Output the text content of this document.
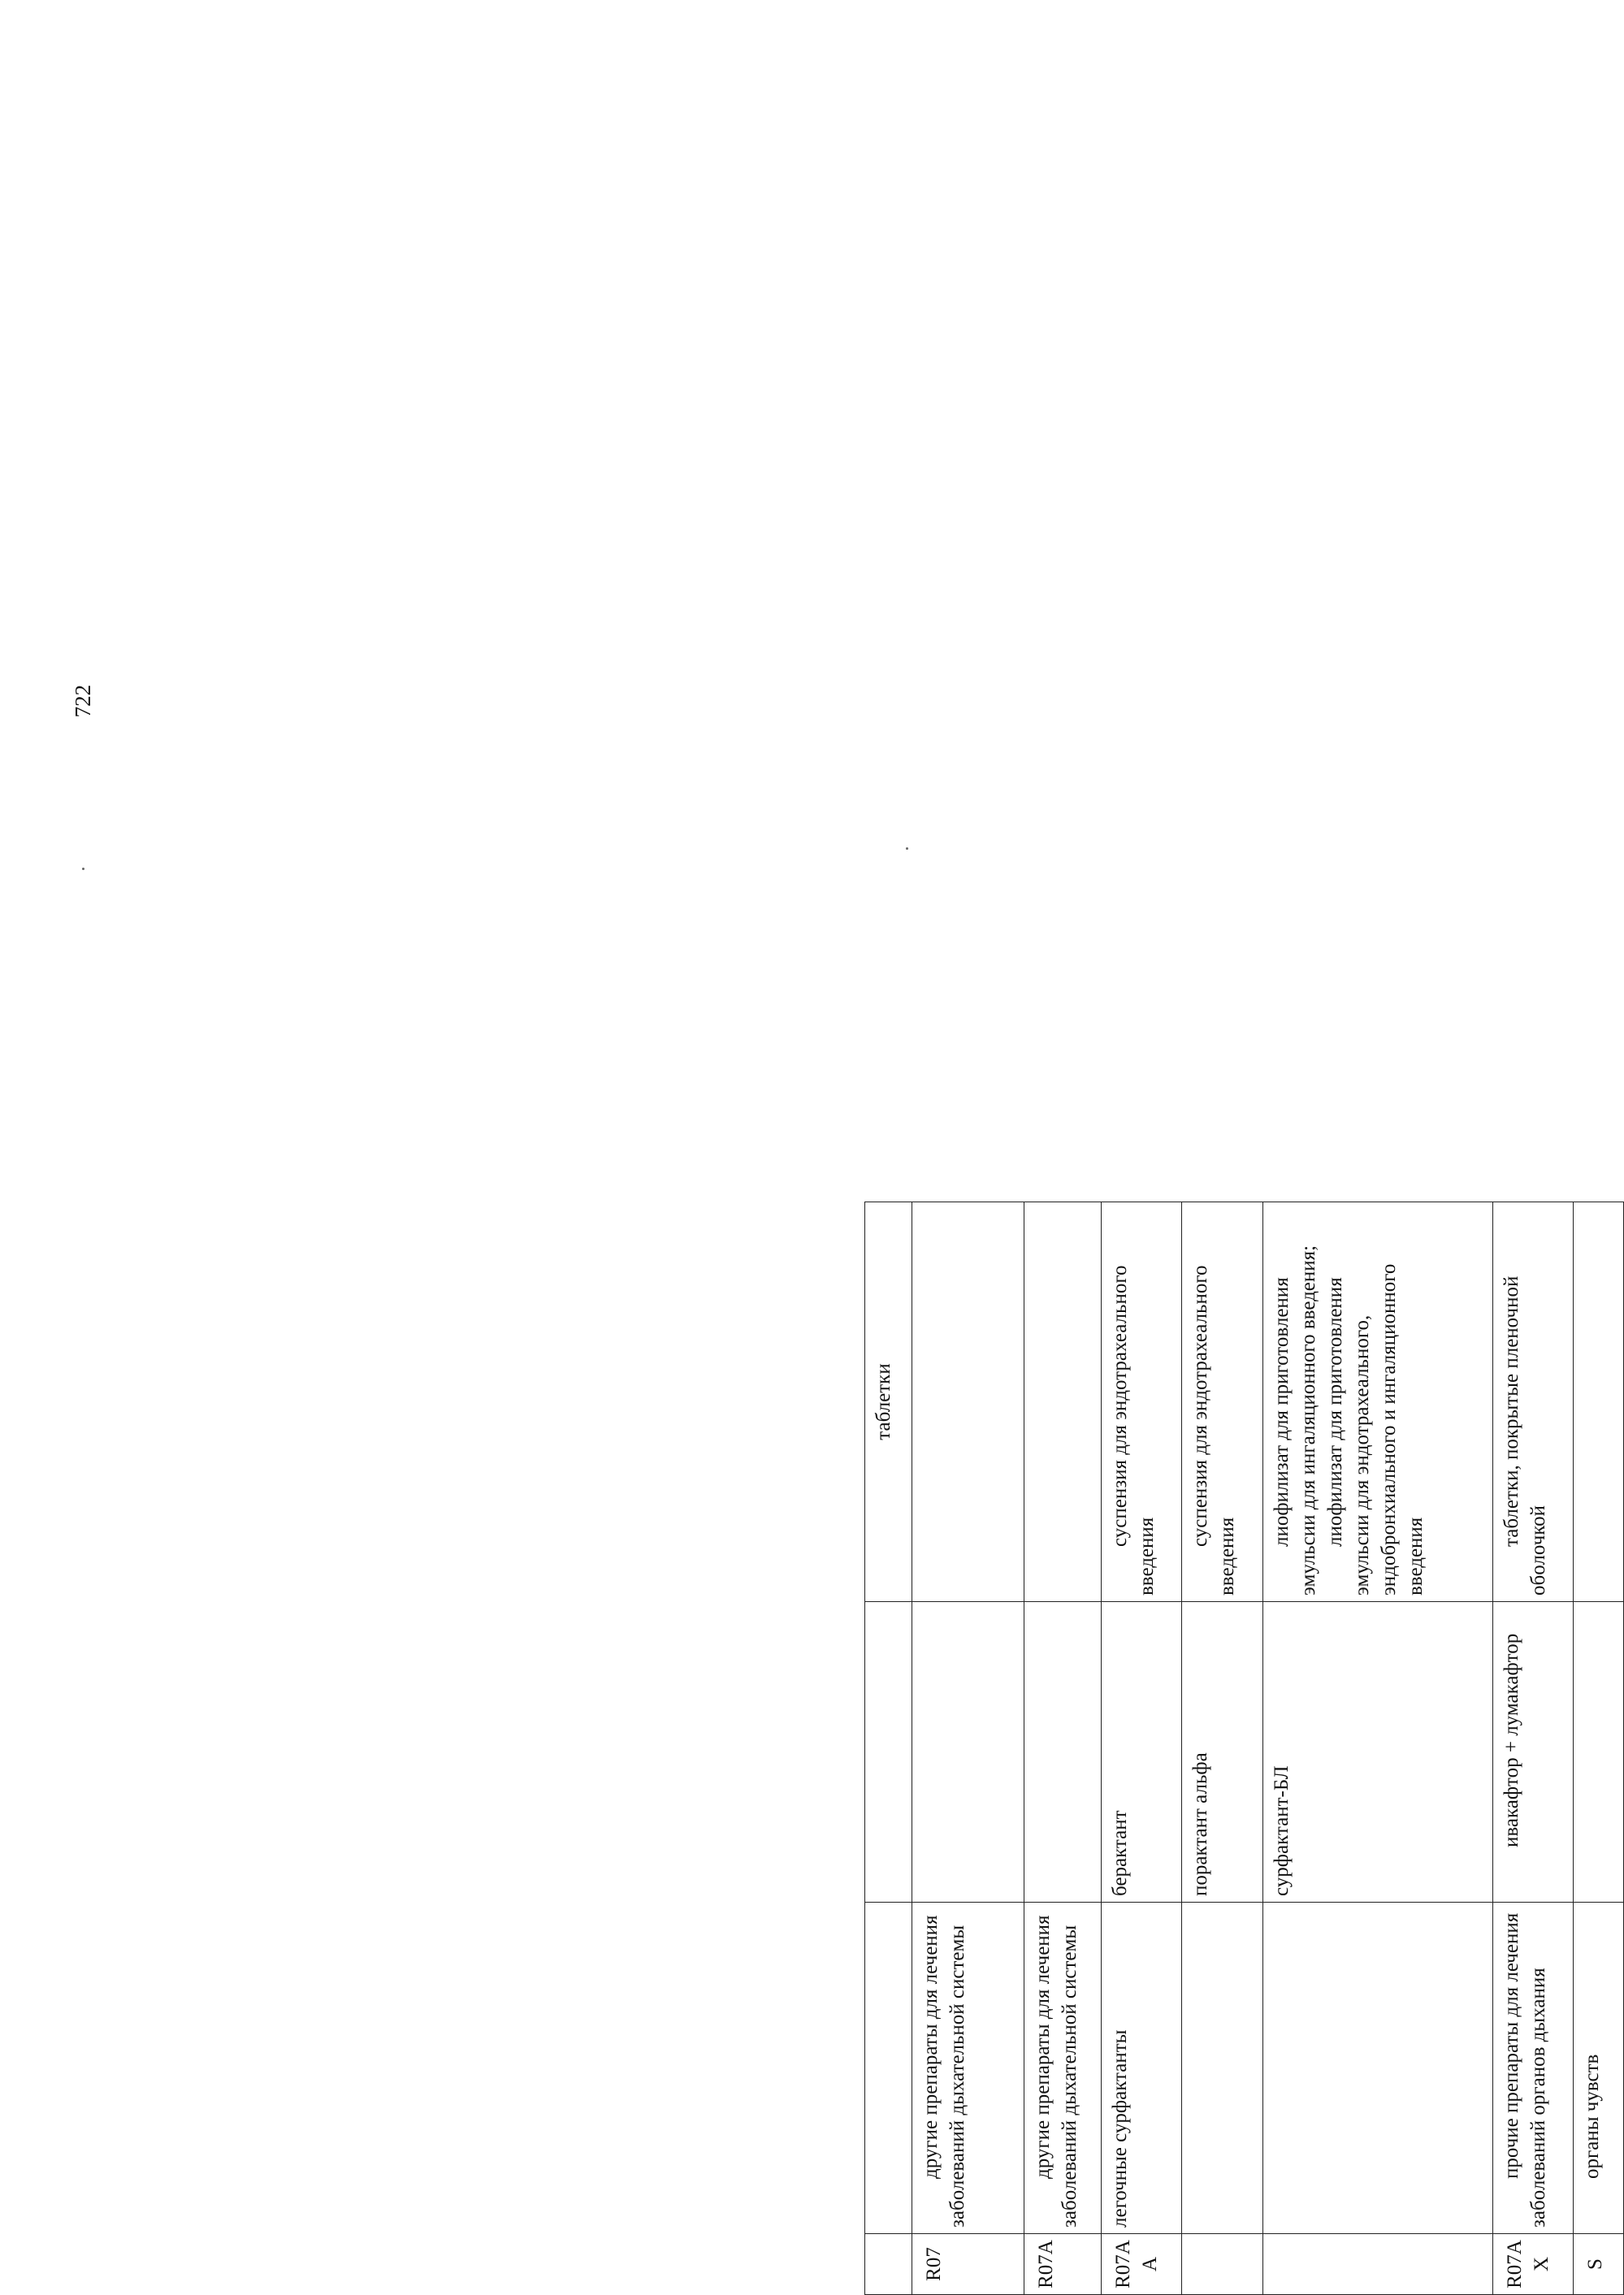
722
			таблетки
R07	другие препараты для лечения заболеваний дыхательной системы		
R07A	другие препараты для лечения заболеваний дыхательной системы		
R07A A	легочные сурфактанты	берактант	суспензия для эндотрахеального введения
		порактант альфа	суспензия для эндотрахеального введения
		сурфактант-БЛ	лиофилизат для приготовления эмульсии для ингаляционного введения; лиофилизат для приготовления эмульсии для эндотрахеального, эндобронхиального и ингаляционного введения

R07A X	прочие препараты для лечения заболеваний органов дыхания	ивакафтор + лумакафтор	таблетки, покрытые пленочной оболочкой
S	органы чувств		
